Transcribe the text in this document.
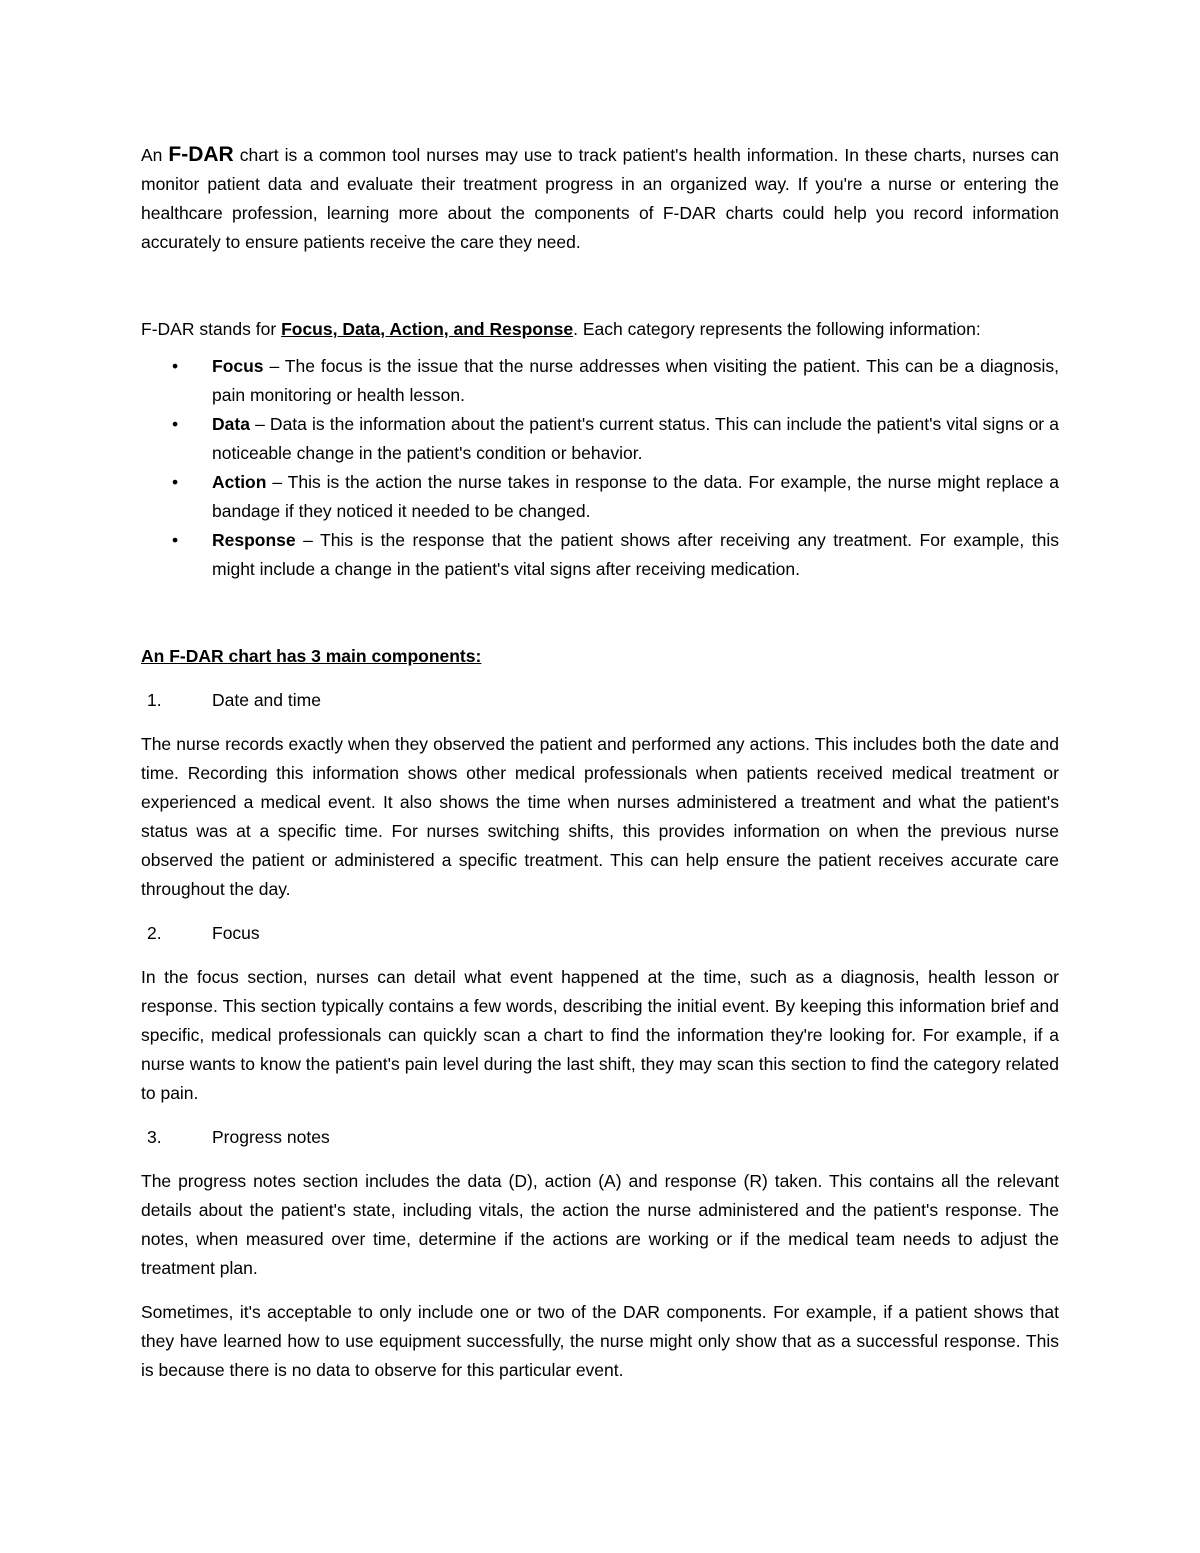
An F-DAR chart is a common tool nurses may use to track patient's health information. In these charts, nurses can monitor patient data and evaluate their treatment progress in an organized way. If you're a nurse or entering the healthcare profession, learning more about the components of F-DAR charts could help you record information accurately to ensure patients receive the care they need.

F-DAR stands for Focus, Data, Action, and Response. Each category represents the following information:

• Focus – The focus is the issue that the nurse addresses when visiting the patient. This can be a diagnosis, pain monitoring or health lesson.
• Data – Data is the information about the patient's current status. This can include the patient's vital signs or a noticeable change in the patient's condition or behavior.
• Action – This is the action the nurse takes in response to the data. For example, the nurse might replace a bandage if they noticed it needed to be changed.
• Response – This is the response that the patient shows after receiving any treatment. For example, this might include a change in the patient's vital signs after receiving medication.

An F-DAR chart has 3 main components:

1.	Date and time

The nurse records exactly when they observed the patient and performed any actions. This includes both the date and time. Recording this information shows other medical professionals when patients received medical treatment or experienced a medical event. It also shows the time when nurses administered a treatment and what the patient's status was at a specific time. For nurses switching shifts, this provides information on when the previous nurse observed the patient or administered a specific treatment. This can help ensure the patient receives accurate care throughout the day.

2.	Focus

In the focus section, nurses can detail what event happened at the time, such as a diagnosis, health lesson or response. This section typically contains a few words, describing the initial event. By keeping this information brief and specific, medical professionals can quickly scan a chart to find the information they're looking for. For example, if a nurse wants to know the patient's pain level during the last shift, they may scan this section to find the category related to pain.

3.	Progress notes

The progress notes section includes the data (D), action (A) and response (R) taken. This contains all the relevant details about the patient's state, including vitals, the action the nurse administered and the patient's response. The notes, when measured over time, determine if the actions are working or if the medical team needs to adjust the treatment plan.

Sometimes, it's acceptable to only include one or two of the DAR components. For example, if a patient shows that they have learned how to use equipment successfully, the nurse might only show that as a successful response. This is because there is no data to observe for this particular event.
